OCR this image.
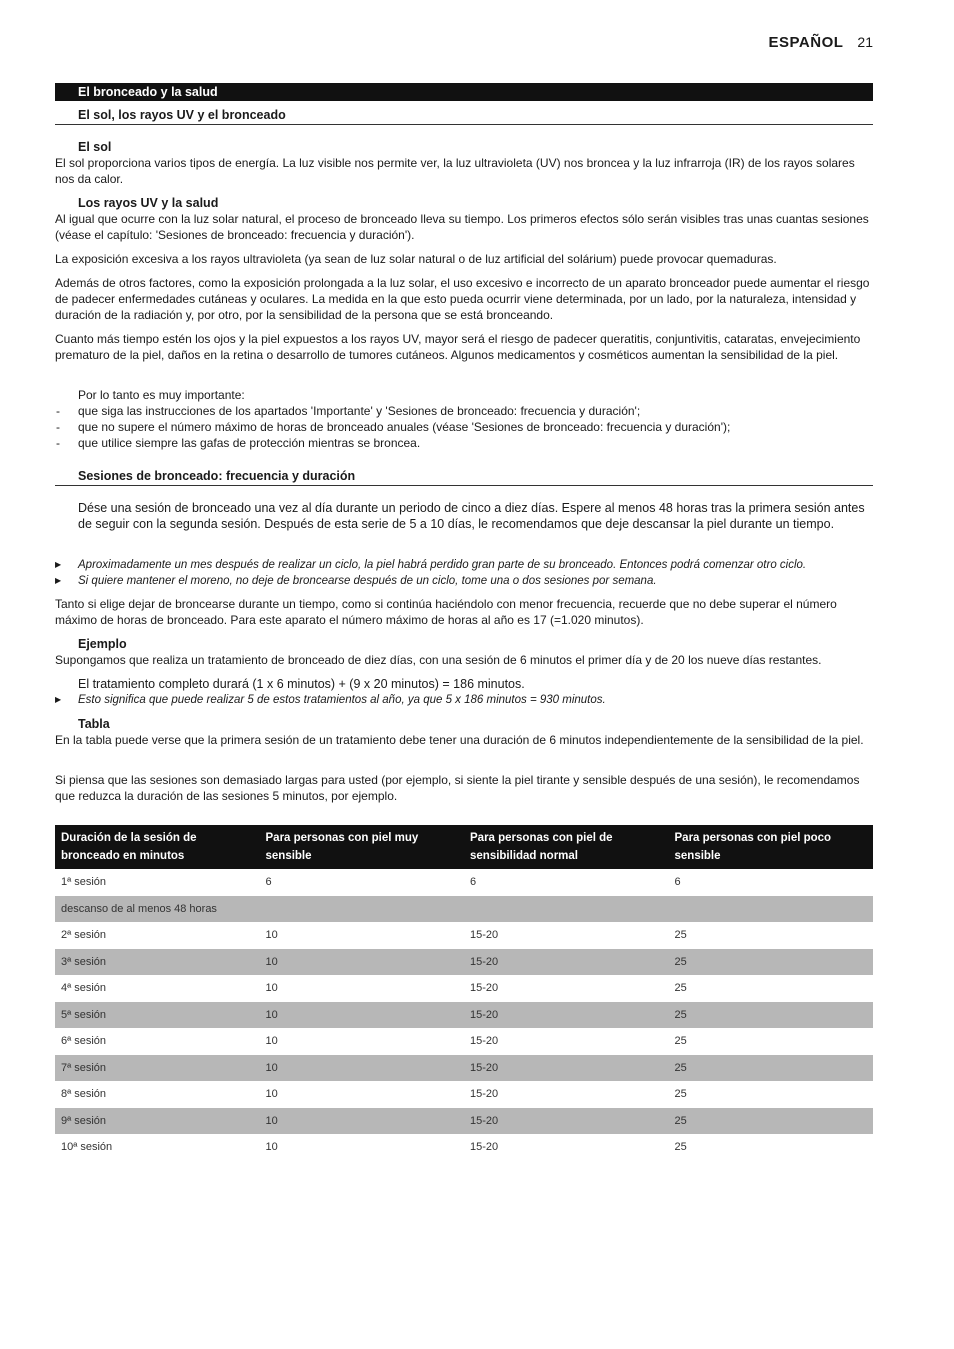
ESPAÑOL 21
El bronceado y la salud
El sol, los rayos UV y el bronceado
El sol

El sol proporciona varios tipos de energía. La luz visible nos permite ver, la luz ultravioleta (UV) nos broncea y la luz infrarroja (IR) de los rayos solares nos da calor.

Los rayos UV y la salud

Al igual que ocurre con la luz solar natural, el proceso de bronceado lleva su tiempo. Los primeros efectos sólo serán visibles tras unas cuantas sesiones (véase el capítulo: 'Sesiones de bronceado: frecuencia y duración').

La exposición excesiva a los rayos ultravioleta (ya sean de luz solar natural o de luz artificial del solárium) puede provocar quemaduras.

Además de otros factores, como la exposición prolongada a la luz solar, el uso excesivo e incorrecto de un aparato bronceador puede aumentar el riesgo de padecer enfermedades cutáneas y oculares. La medida en la que esto pueda ocurrir viene determinada, por un lado, por la naturaleza, intensidad y duración de la radiación y, por otro, por la sensibilidad de la persona que se está bronceando.

Cuanto más tiempo estén los ojos y la piel expuestos a los rayos UV, mayor será el riesgo de padecer queratitis, conjuntivitis, cataratas, envejecimiento prematuro de la piel, daños en la retina o desarrollo de tumores cutáneos. Algunos medicamentos y cosméticos aumentan la sensibilidad de la piel.

Por lo tanto es muy importante:
- que siga las instrucciones de los apartados 'Importante' y 'Sesiones de bronceado: frecuencia y duración';
- que no supere el número máximo de horas de bronceado anuales (véase 'Sesiones de bronceado: frecuencia y duración');
- que utilice siempre las gafas de protección mientras se broncea.
Sesiones de bronceado: frecuencia y duración

Dése una sesión de bronceado una vez al día durante un periodo de cinco a diez días. Espere al menos 48 horas tras la primera sesión antes de seguir con la segunda sesión. Después de esta serie de 5 a 10 días, le recomendamos que deje descansar la piel durante un tiempo.

▶ Aproximadamente un mes después de realizar un ciclo, la piel habrá perdido gran parte de su bronceado. Entonces podrá comenzar otro ciclo.
▶ Si quiere mantener el moreno, no deje de broncearse después de un ciclo, tome una o dos sesiones por semana.

Tanto si elige dejar de broncearse durante un tiempo, como si continúa haciéndolo con menor frecuencia, recuerde que no debe superar el número máximo de horas de bronceado. Para este aparato el número máximo de horas al año es 17 (=1.020 minutos).

Ejemplo

Supongamos que realiza un tratamiento de bronceado de diez días, con una sesión de 6 minutos el primer día y de 20 los nueve días restantes.

El tratamiento completo durará (1 x 6 minutos) + (9 x 20 minutos) = 186 minutos.

▶ Esto significa que puede realizar 5 de estos tratamientos al año, ya que 5 x 186 minutos = 930 minutos.
Tabla

En la tabla puede verse que la primera sesión de un tratamiento debe tener una duración de 6 minutos independientemente de la sensibilidad de la piel.

Si piensa que las sesiones son demasiado largas para usted (por ejemplo, si siente la piel tirante y sensible después de una sesión), le recomendamos que reduzca la duración de las sesiones 5 minutos, por ejemplo.

Duración de la sesión de bronceado en minutos	Para personas con piel muy sensible	Para personas con piel de sensibilidad normal	Para personas con piel poco sensible
1ª sesión	6	6	6
descanso de al menos 48 horas			
2ª sesión	10	15-20	25
3ª sesión	10	15-20	25
4ª sesión	10	15-20	25
5ª sesión	10	15-20	25
6ª sesión	10	15-20	25
7ª sesión	10	15-20	25
8ª sesión	10	15-20	25
9ª sesión	10	15-20	25
10ª sesión	10	15-20	25
